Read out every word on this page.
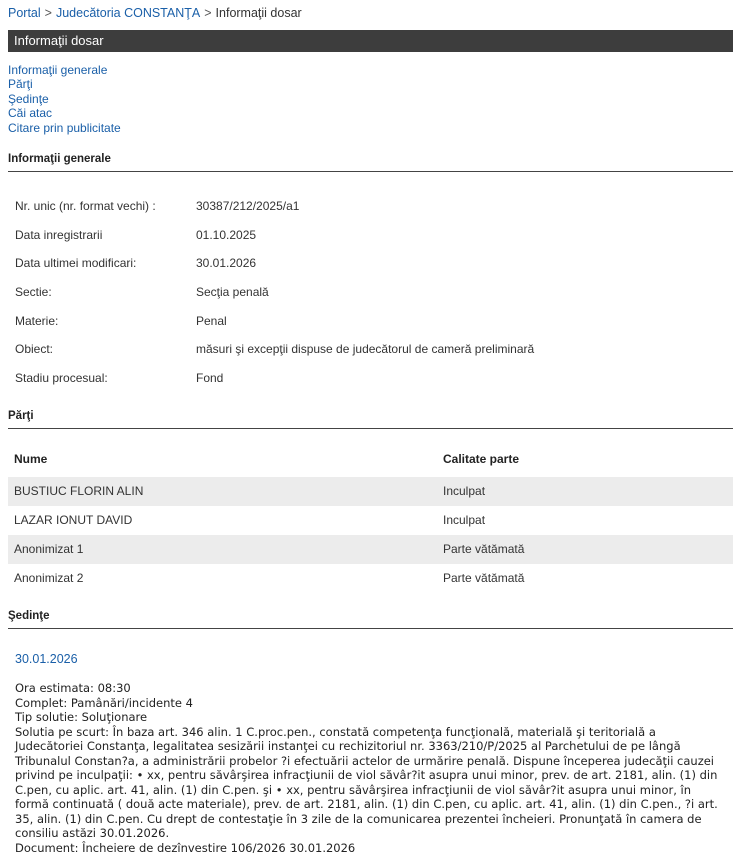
Portal > Judecătoria CONSTANŢA > Informaţii dosar
Informaţii dosar
Informaţii generale
Părţi
Şedinţe
Căi atac
Citare prin publicitate
Informaţii generale
Nr. unic (nr. format vechi) :	30387/212/2025/a1
Data inregistrarii	01.10.2025
Data ultimei modificari:	30.01.2026
Sectie:	Secţia penală
Materie:	Penal
Obiect:	măsuri şi excepţii dispuse de judecătorul de cameră preliminară
Stadiu procesual:	Fond
Părţi
Nume	Calitate parte
BUSTIUC FLORIN ALIN	Inculpat
LAZAR IONUT DAVID	Inculpat
Anonimizat 1	Parte vătămată
Anonimizat 2	Parte vătămată
Şedinţe
30.01.2026
Ora estimata: 08:30
Complet: Pamânări/incidente 4
Tip solutie: Soluţionare
Solutia pe scurt: În baza art. 346 alin. 1 C.proc.pen., constată competenţa funcţională, materială şi teritorială a Judecătoriei Constanţa, legalitatea sesizării instanţei cu rechizitoriul nr. 3363/210/P/2025 al Parchetului de pe lângă Tribunalul Constan?a, a administrării probelor ?i efectuării actelor de urmărire penală. Dispune începerea judecăţii cauzei privind pe inculpaţii: • xx, pentru săvârşirea infracţiunii de viol săvâr?it asupra unui minor, prev. de art. 2181, alin. (1) din C.pen, cu aplic. art. 41, alin. (1) din C.pen. şi • xx, pentru săvârşirea infracţiunii de viol săvâr?it asupra unui minor, în formă continuată ( două acte materiale), prev. de art. 2181, alin. (1) din C.pen, cu aplic. art. 41, alin. (1) din C.pen., ?i art. 35, alin. (1) din C.pen. Cu drept de contestaţie în 3 zile de la comunicarea prezentei încheieri. Pronunţată în camera de consiliu astăzi 30.01.2026.
Document: Încheiere de dezînvestire 106/2026 30.01.2026
